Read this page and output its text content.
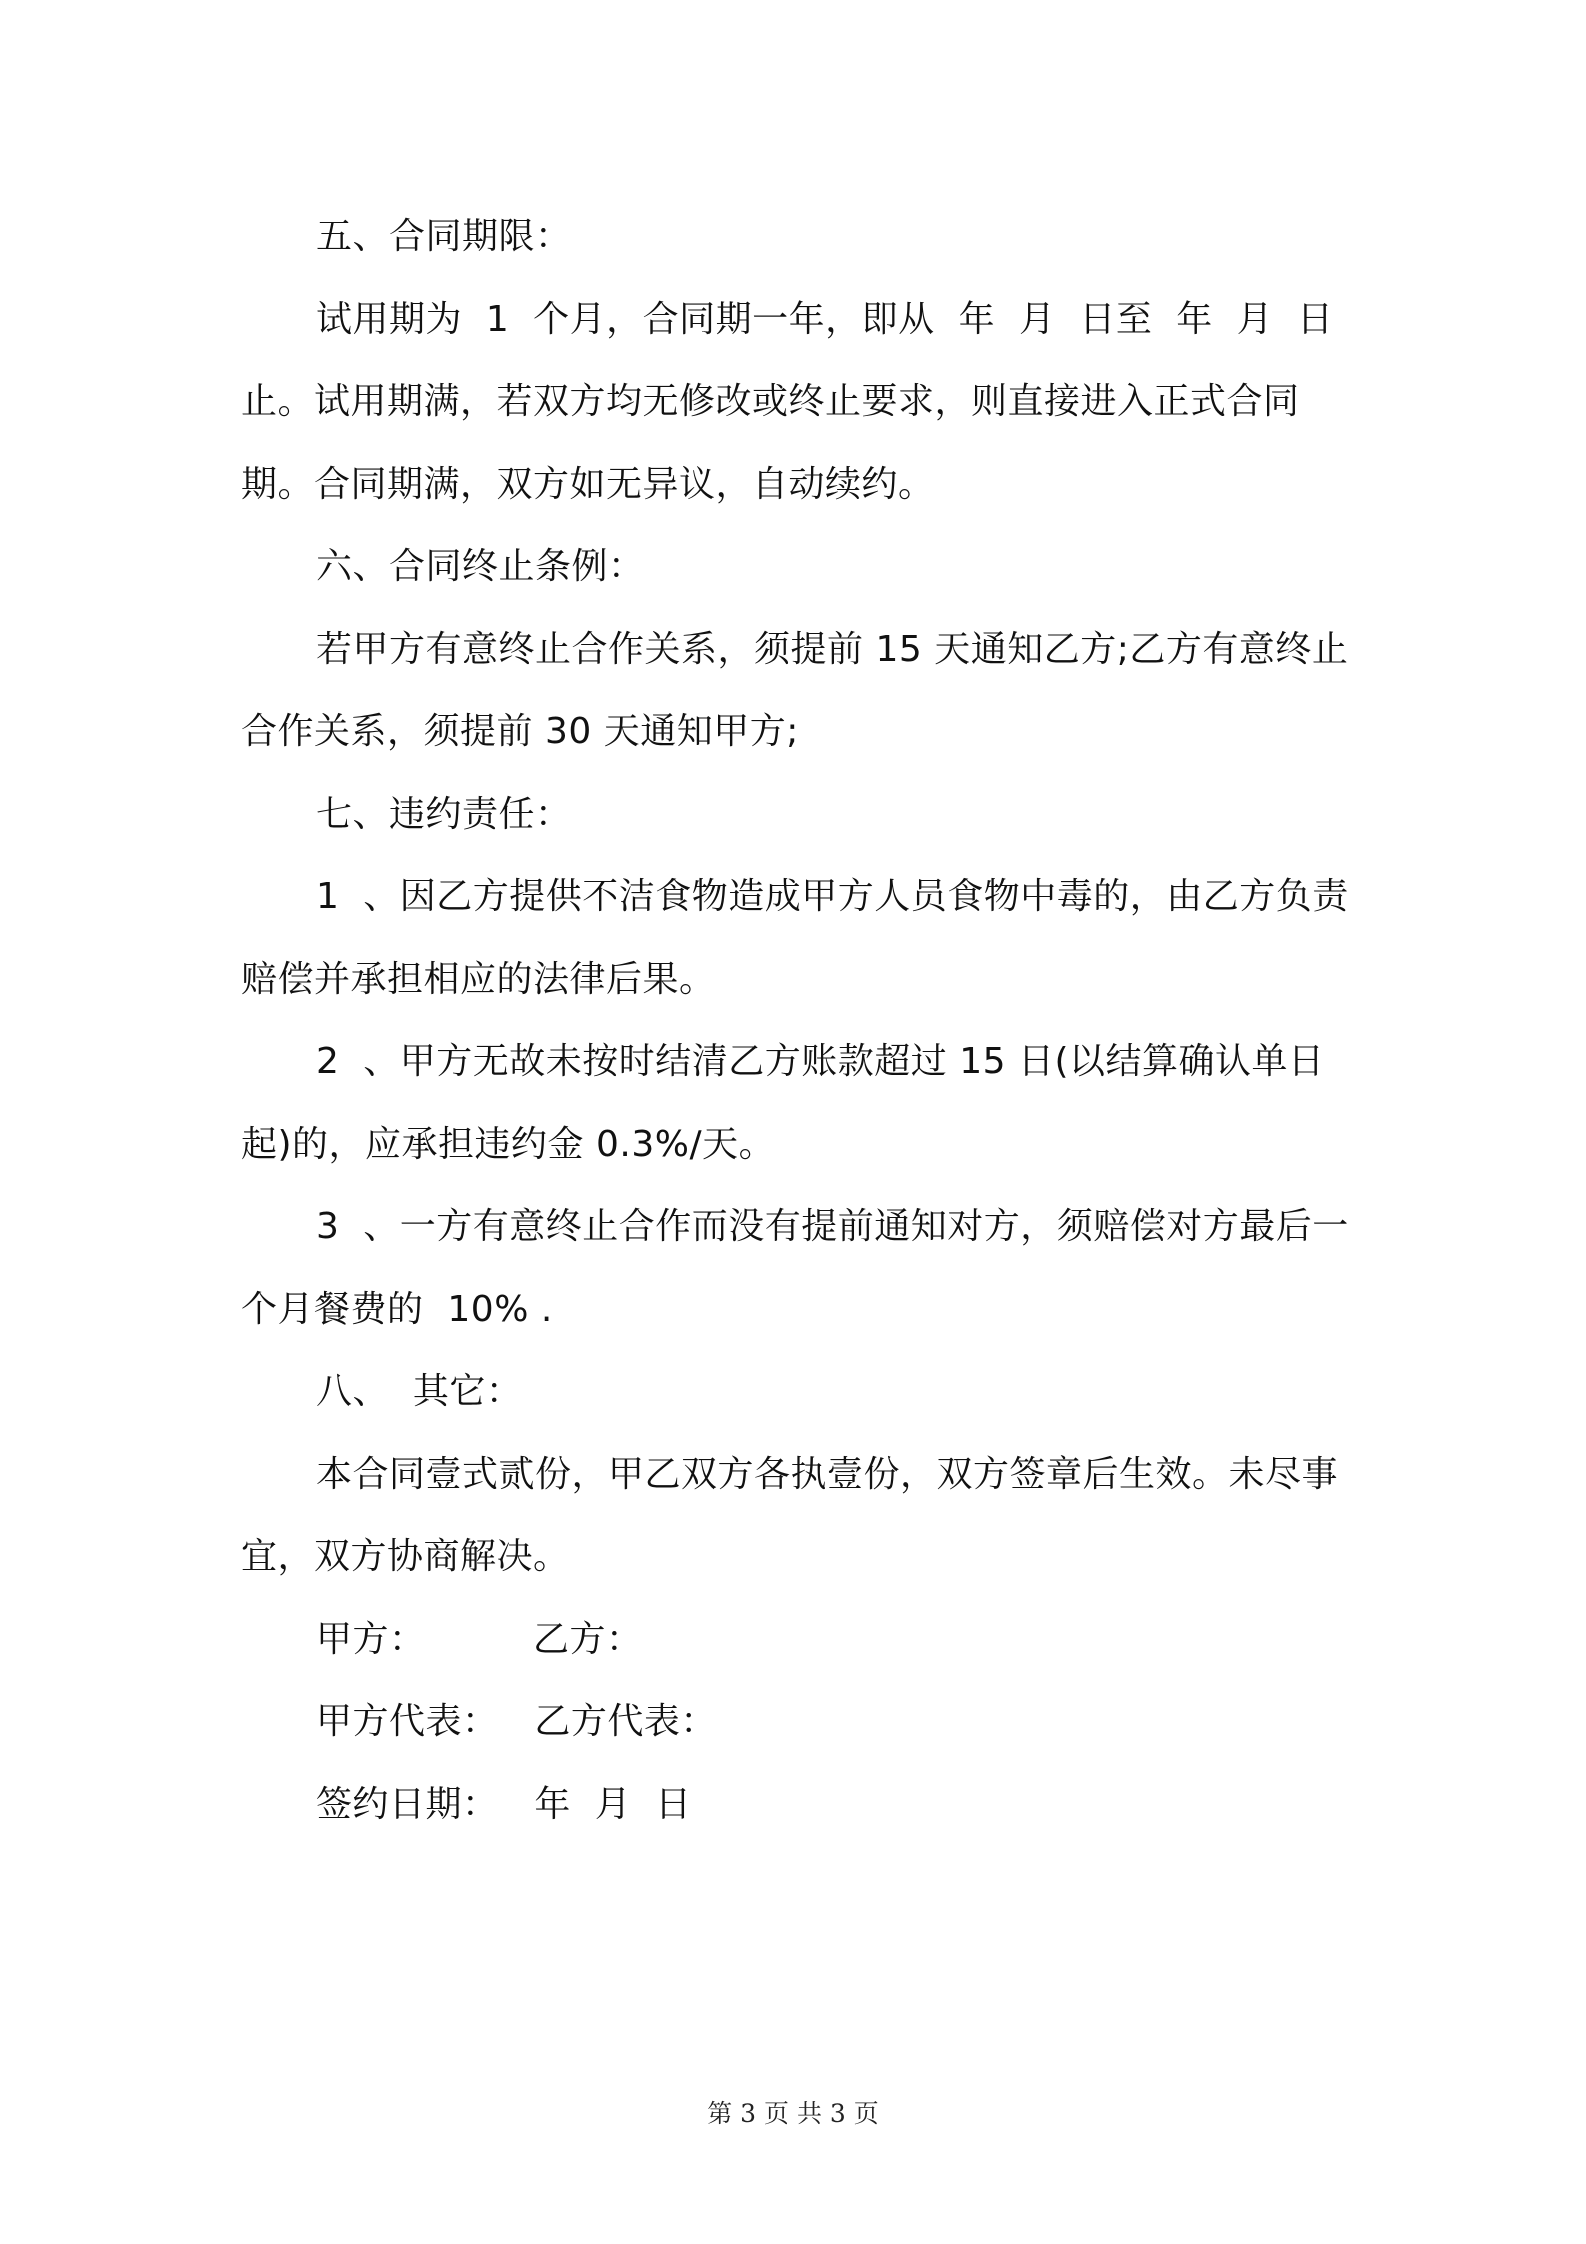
五、合同期限：

试用期为  1  个月，合同期一年，即从  年  月  日至  年  月  日止。试用期满，若双方均无修改或终止要求，则直接进入正式合同期。合同期满，双方如无异议，自动续约。

六、合同终止条例：

若甲方有意终止合作关系，须提前 15 天通知乙方;乙方有意终止合作关系，须提前 30 天通知甲方;

七、违约责任：

1  、因乙方提供不洁食物造成甲方人员食物中毒的，由乙方负责赔偿并承担相应的法律后果。

2  、甲方无故未按时结清乙方账款超过 15 日(以结算确认单日起)的，应承担违约金 0.3%/天。

3  、一方有意终止合作而没有提前通知对方，须赔偿对方最后一个月餐费的  10% .

八、  其它：

本合同壹式贰份，甲乙双方各执壹份，双方签章后生效。未尽事宜，双方协商解决。

甲方：         乙方：

甲方代表：   乙方代表：

签约日期：   年  月  日

第 3 页 共 3 页
